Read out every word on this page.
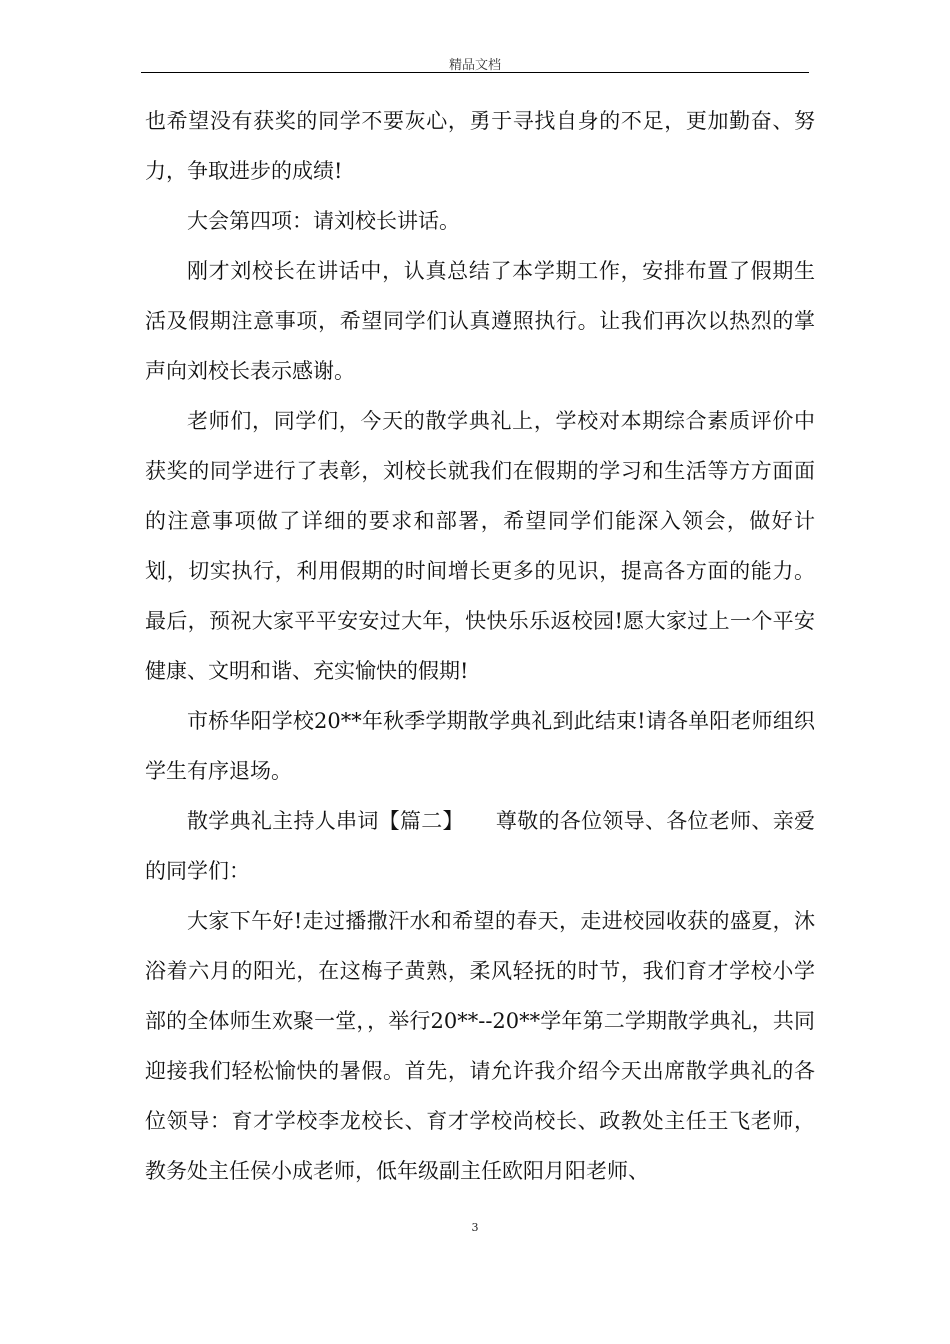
精品文档

也希望没有获奖的同学不要灰心，勇于寻找自身的不足，更加勤奋、努力，争取进步的成绩!

大会第四项：请刘校长讲话。

刚才刘校长在讲话中，认真总结了本学期工作，安排布置了假期生活及假期注意事项，希望同学们认真遵照执行。让我们再次以热烈的掌声向刘校长表示感谢。

老师们，同学们，今天的散学典礼上，学校对本期综合素质评价中获奖的同学进行了表彰，刘校长就我们在假期的学习和生活等方方面面的注意事项做了详细的要求和部署，希望同学们能深入领会，做好计划，切实执行，利用假期的时间增长更多的见识，提高各方面的能力。最后，预祝大家平平安安过大年，快快乐乐返校园!愿大家过上一个平安健康、文明和谐、充实愉快的假期!

市桥华阳学校20**年秋季学期散学典礼到此结束!请各单阳老师组织学生有序退场。

散学典礼主持人串词【篇二】　　尊敬的各位领导、各位老师、亲爱的同学们：

大家下午好!走过播撒汗水和希望的春天，走进校园收获的盛夏，沐浴着六月的阳光，在这梅子黄熟，柔风轻抚的时节，我们育才学校小学部的全体师生欢聚一堂，，举行20**--20**学年第二学期散学典礼，共同迎接我们轻松愉快的暑假。首先，请允许我介绍今天出席散学典礼的各位领导：育才学校李龙校长、育才学校尚校长、政教处主任王飞老师，教务处主任侯小成老师，低年级副主任欧阳月阳老师、

3
